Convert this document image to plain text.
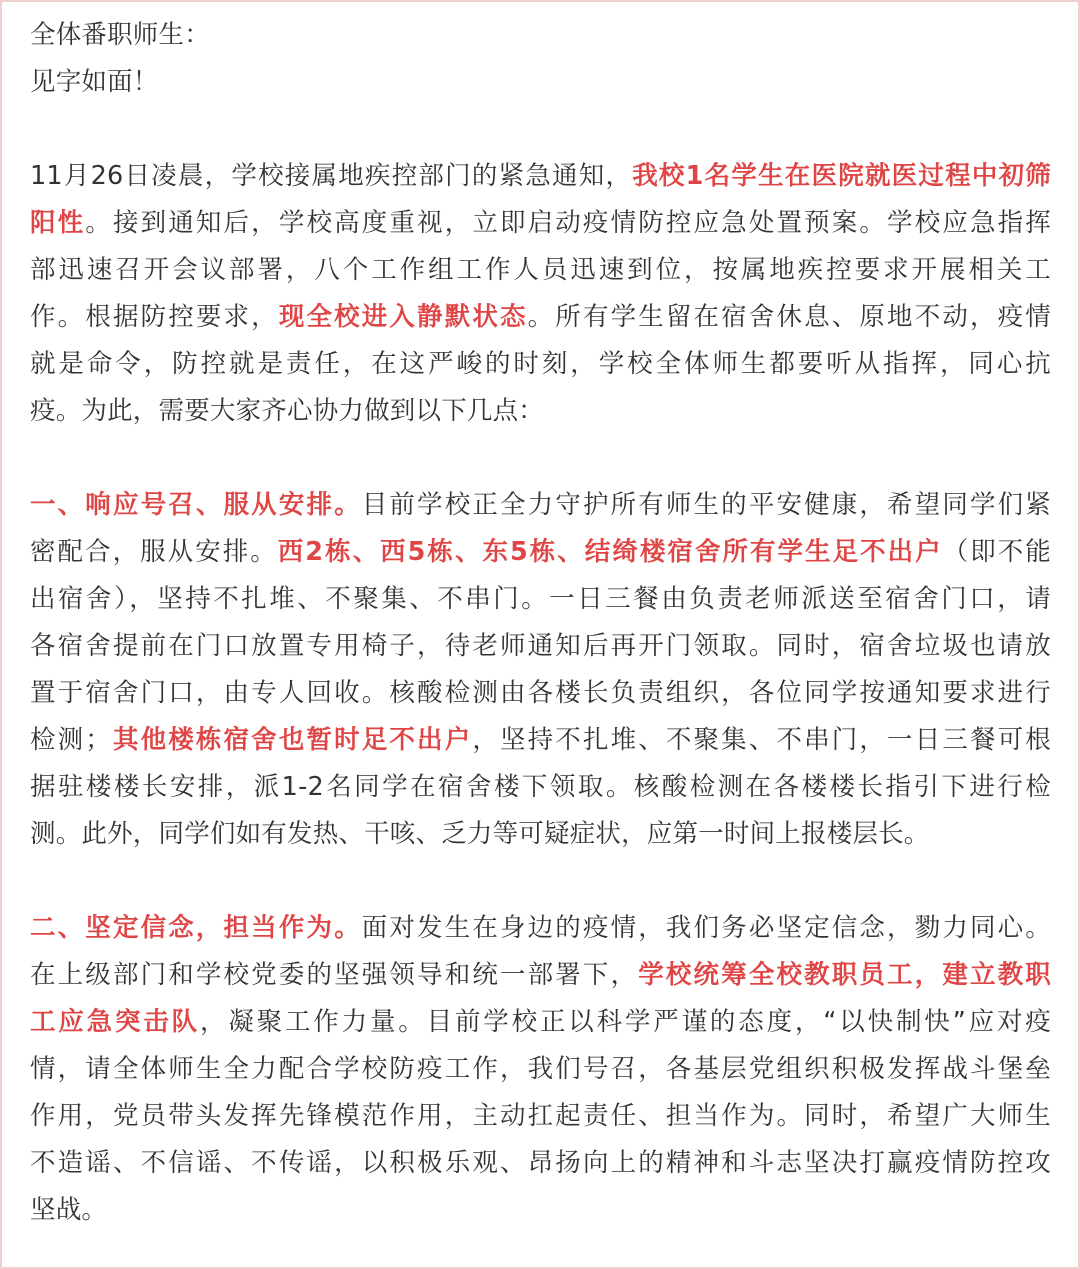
全体番职师生：
见字如面！
11月26日凌晨，学校接属地疾控部门的紧急通知，我校1名学生在医院就医过程中初筛
阳性。接到通知后，学校高度重视，立即启动疫情防控应急处置预案。学校应急指挥
部迅速召开会议部署，八个工作组工作人员迅速到位，按属地疾控要求开展相关工
作。根据防控要求，现全校进入静默状态。所有学生留在宿舍休息、原地不动，疫情
就是命令，防控就是责任，在这严峻的时刻，学校全体师生都要听从指挥，同心抗
疫。为此，需要大家齐心协力做到以下几点：
一、响应号召、服从安排。目前学校正全力守护所有师生的平安健康，希望同学们紧
密配合，服从安排。西2栋、西5栋、东5栋、结绮楼宿舍所有学生足不出户（即不能
出宿舍），坚持不扎堆、不聚集、不串门。一日三餐由负责老师派送至宿舍门口，请
各宿舍提前在门口放置专用椅子，待老师通知后再开门领取。同时，宿舍垃圾也请放
置于宿舍门口，由专人回收。核酸检测由各楼长负责组织，各位同学按通知要求进行
检测；其他楼栋宿舍也暂时足不出户，坚持不扎堆、不聚集、不串门，一日三餐可根
据驻楼楼长安排，派1-2名同学在宿舍楼下领取。核酸检测在各楼楼长指引下进行检
测。此外，同学们如有发热、干咳、乏力等可疑症状，应第一时间上报楼层长。
二、坚定信念，担当作为。面对发生在身边的疫情，我们务必坚定信念，勠力同心。
在上级部门和学校党委的坚强领导和统一部署下，学校统筹全校教职员工，建立教职
工应急突击队，凝聚工作力量。目前学校正以科学严谨的态度，“以快制快”应对疫
情，请全体师生全力配合学校防疫工作，我们号召，各基层党组织积极发挥战斗堡垒
作用，党员带头发挥先锋模范作用，主动扛起责任、担当作为。同时，希望广大师生
不造谣、不信谣、不传谣，以积极乐观、昂扬向上的精神和斗志坚决打赢疫情防控攻
坚战。
